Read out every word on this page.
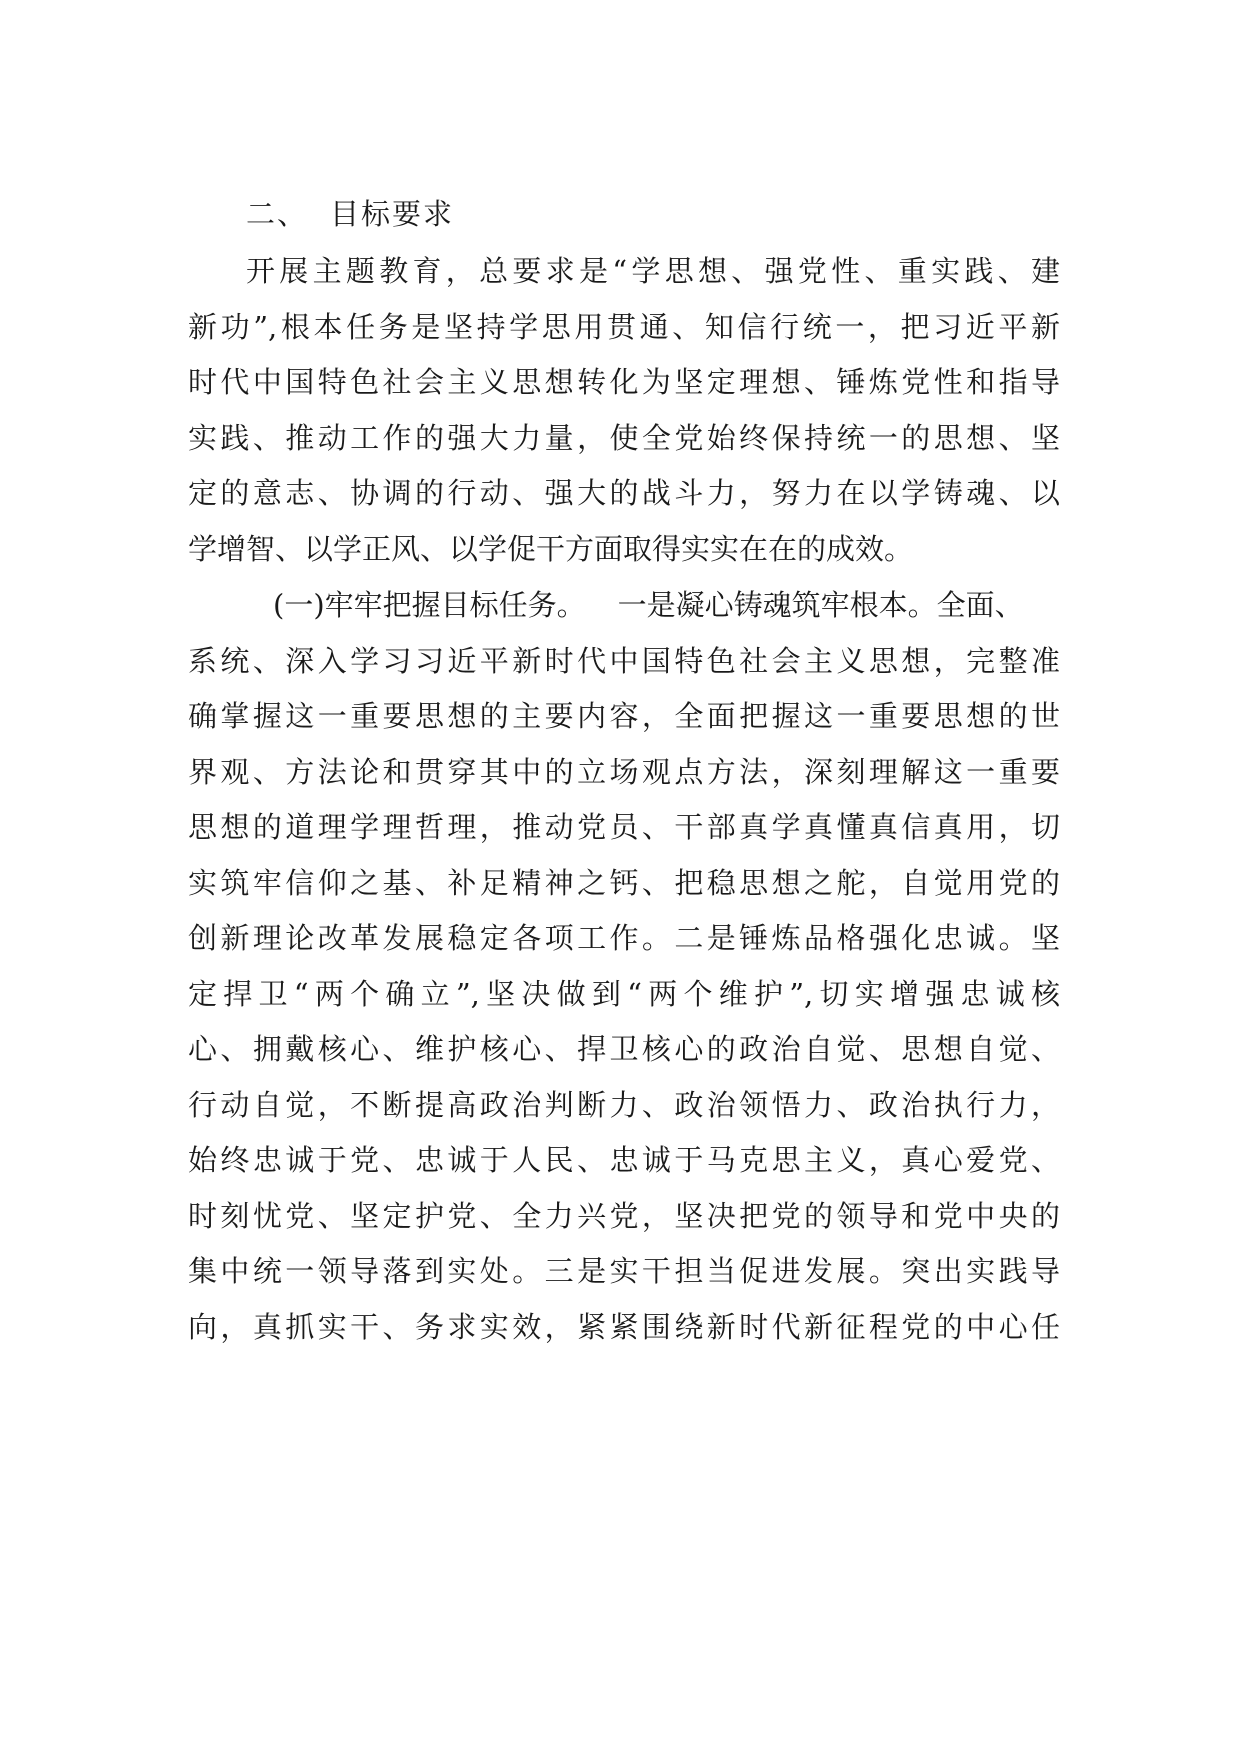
二、 目标要求
开展主题教育，总要求是“学思想、强党性、重实践、建
新功”,根本任务是坚持学思用贯通、知信行统一，把习近平新
时代中国特色社会主义思想转化为坚定理想、锤炼党性和指导
实践、推动工作的强大力量，使全党始终保持统一的思想、坚
定的意志、协调的行动、强大的战斗力，努力在以学铸魂、以
学增智、以学正风、以学促干方面取得实实在在的成效。
(一)牢牢把握目标任务。 一是凝心铸魂筑牢根本。全面、
系统、深入学习习近平新时代中国特色社会主义思想，完整准
确掌握这一重要思想的主要内容，全面把握这一重要思想的世
界观、方法论和贯穿其中的立场观点方法，深刻理解这一重要
思想的道理学理哲理，推动党员、干部真学真懂真信真用，切
实筑牢信仰之基、补足精神之钙、把稳思想之舵，自觉用党的
创新理论改革发展稳定各项工作。二是锤炼品格强化忠诚。坚
定捍卫“两个确立”,坚决做到“两个维护”,切实增强忠诚核
心、拥戴核心、维护核心、捍卫核心的政治自觉、思想自觉、
行动自觉，不断提高政治判断力、政治领悟力、政治执行力，
始终忠诚于党、忠诚于人民、忠诚于马克思主义，真心爱党、
时刻忧党、坚定护党、全力兴党，坚决把党的领导和党中央的
集中统一领导落到实处。三是实干担当促进发展。突出实践导
向，真抓实干、务求实效，紧紧围绕新时代新征程党的中心任
